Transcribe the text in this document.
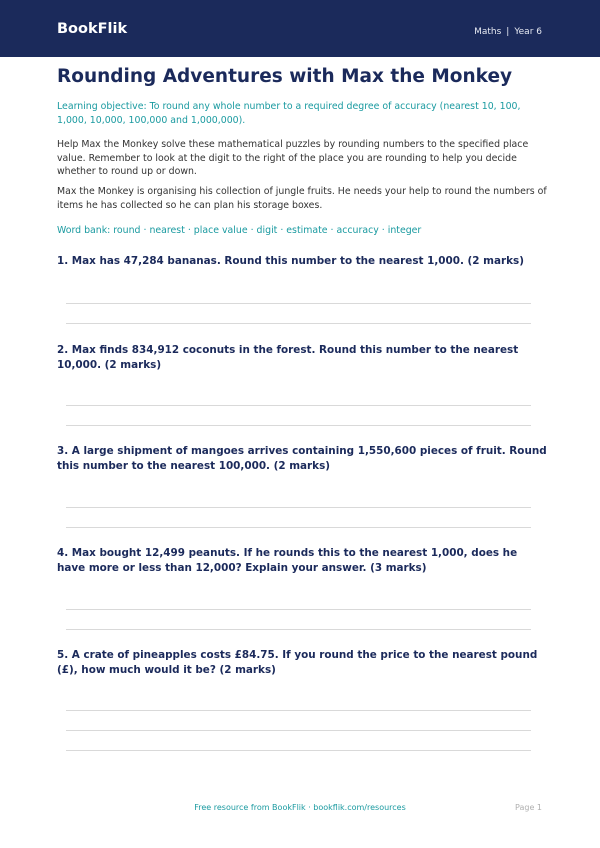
BookFlik	Maths | Year 6
Rounding Adventures with Max the Monkey

Learning objective: To round any whole number to a required degree of accuracy (nearest 10, 100, 1,000, 10,000, 100,000 and 1,000,000).

Help Max the Monkey solve these mathematical puzzles by rounding numbers to the specified place value. Remember to look at the digit to the right of the place you are rounding to help you decide whether to round up or down.

Max the Monkey is organising his collection of jungle fruits. He needs your help to round the numbers of items he has collected so he can plan his storage boxes.

Word bank: round · nearest · place value · digit · estimate · accuracy · integer

1. Max has 47,284 bananas. Round this number to the nearest 1,000. (2 marks)

2. Max finds 834,912 coconuts in the forest. Round this number to the nearest 10,000. (2 marks)

3. A large shipment of mangoes arrives containing 1,550,600 pieces of fruit. Round this number to the nearest 100,000. (2 marks)

4. Max bought 12,499 peanuts. If he rounds this to the nearest 1,000, does he have more or less than 12,000? Explain your answer. (3 marks)

5. A crate of pineapples costs £84.75. If you round the price to the nearest pound (£), how much would it be? (2 marks)

Free resource from BookFlik · bookflik.com/resources	Page 1
